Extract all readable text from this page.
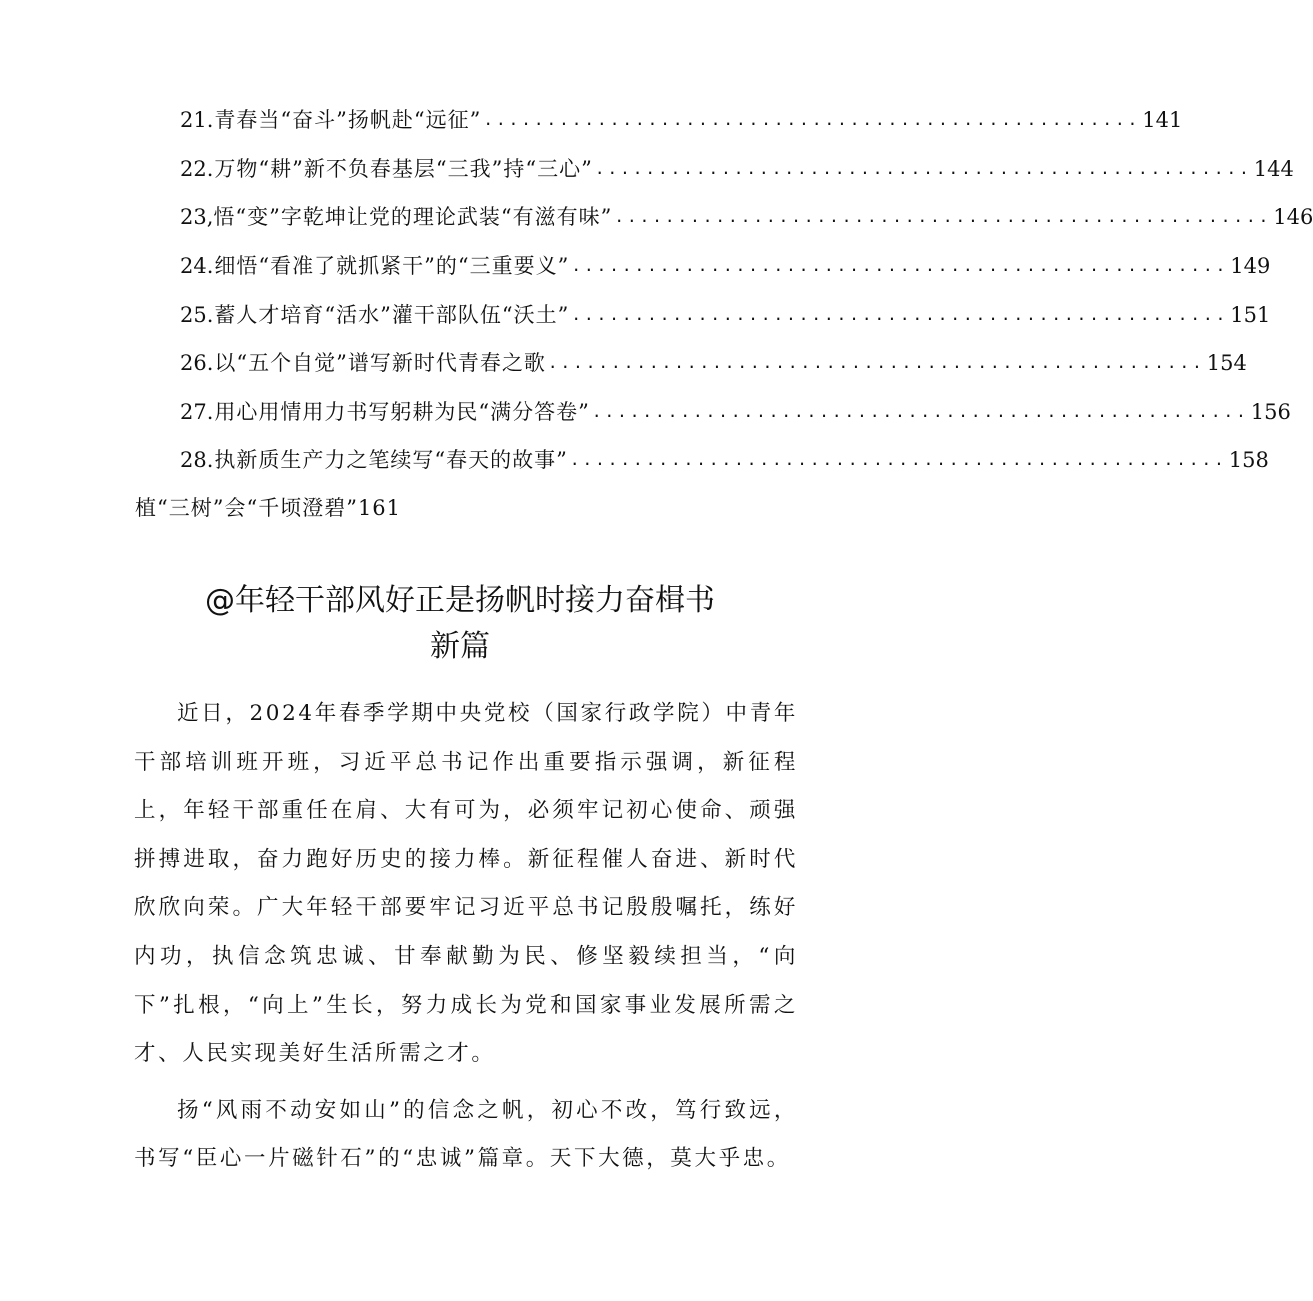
21 .青春当“奋斗”扬帆赴“远征” .................................................... 141
22 .万物“耕”新不负春基层“三我”持“三心” .................................................... 144
23, 悟“变”字乾坤让党的理论武装“有滋有味” .................................................... 146
24 .细悟“看准了就抓紧干”的“三重要义” .................................................... 149
25 .蓄人才培育“活水”灌干部队伍“沃土” .................................................... 151
26 .以“五个自觉”谱写新时代青春之歌 .................................................... 154
27 .用心用情用力书写躬耕为民“满分答卷” .................................................... 156
28 .执新质生产力之笔续写“春天的故事” .................................................... 158
植“三树”会“千顷澄碧”161
@年轻干部风好正是扬帆时接力奋楫书
新篇

近日，2024年春季学期中央党校（国家行政学院）中青年干部培训班开班，习近平总书记作出重要指示强调，新征程上，年轻干部重任在肩、大有可为，必须牢记初心使命、顽强拼搏进取，奋力跑好历史的接力棒。新征程催人奋进、新时代欣欣向荣。广大年轻干部要牢记习近平总书记殷殷嘱托，练好内功，执信念筑忠诚、甘奉献勤为民、修坚毅续担当，“向下”扎根，“向上”生长，努力成长为党和国家事业发展所需之才、人民实现美好生活所需之才。

扬“风雨不动安如山”的信念之帆，初心不改，笃行致远，书写“臣心一片磁针石”的“忠诚”篇章。天下大德，莫大乎忠。
